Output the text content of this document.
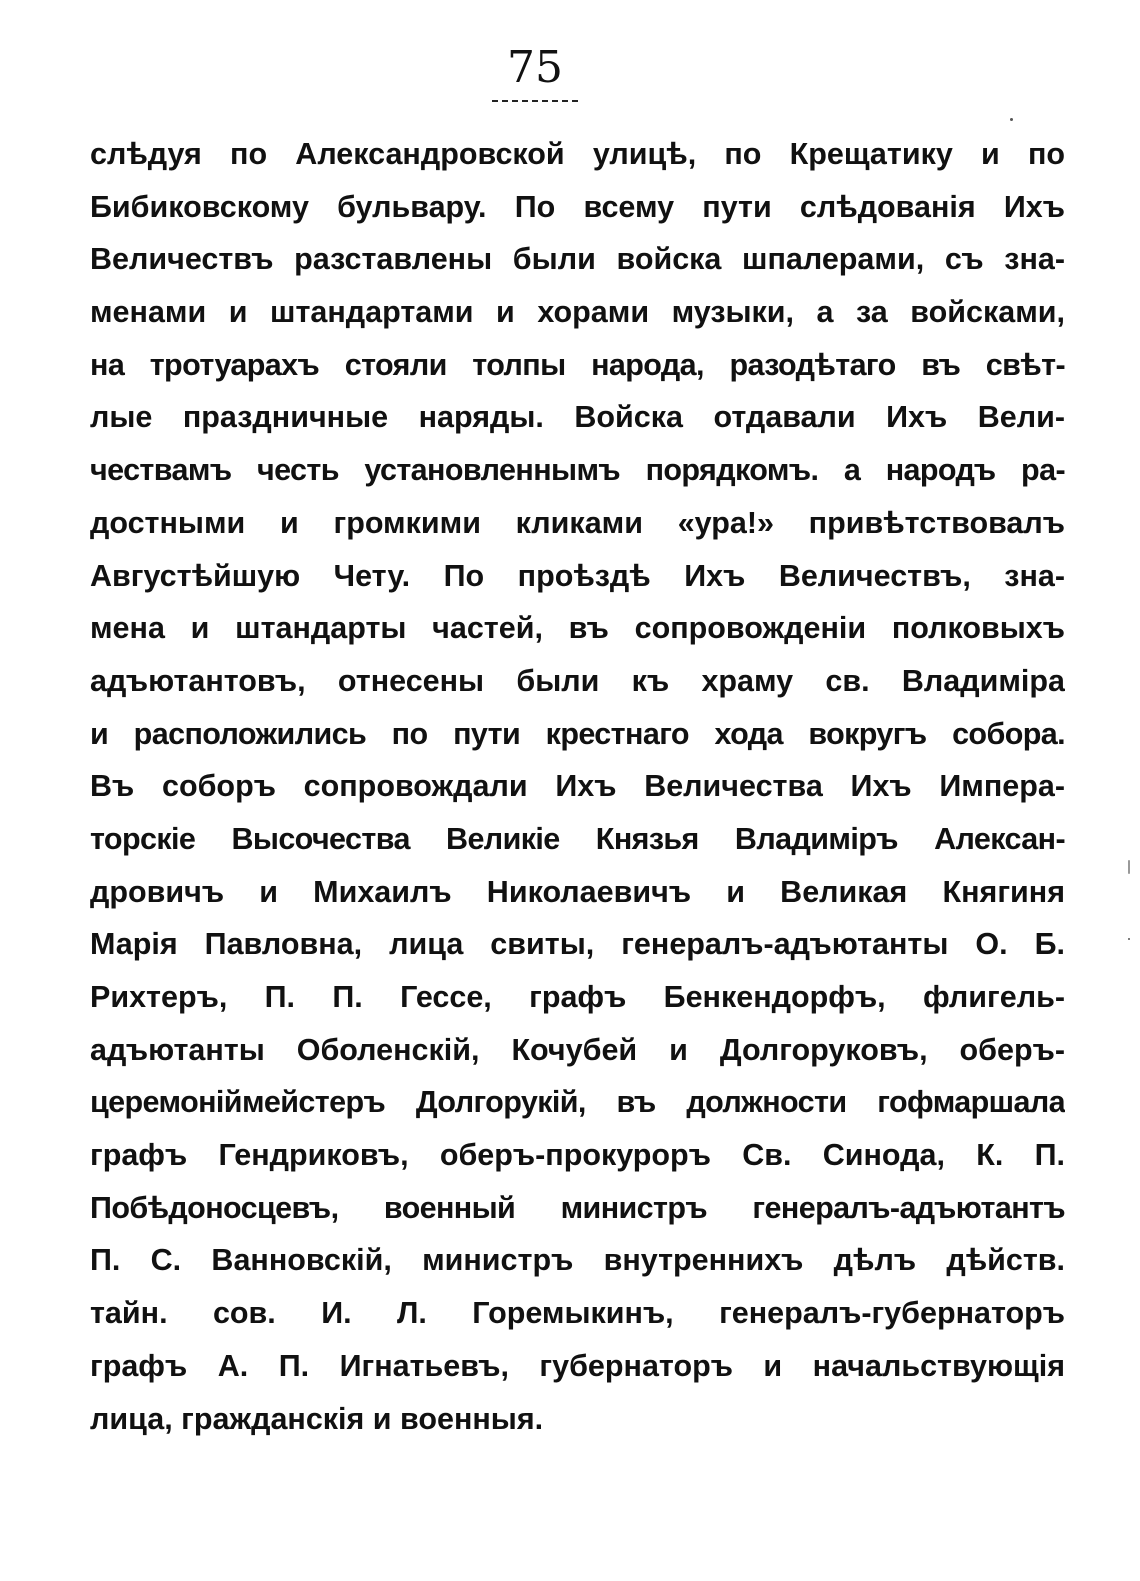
75
слѣдуя по Александровской улицѣ, по Крещатику и по
Бибиковскому бульвару. По всему пути слѣдованія Ихъ
Величествъ разставлены были войска шпалерами, съ зна-
менами и штандартами и хорами музыки, а за войсками,
на тротуарахъ стояли толпы народа, разодѣтаго въ свѣт-
лые праздничные наряды. Войска отдавали Ихъ Вели-
чествамъ честь установленнымъ порядкомъ. а народъ ра-
достными и громкими кликами «ура!» привѣтствовалъ
Августѣйшую Чету. По проѣздѣ Ихъ Величествъ, зна-
мена и штандарты частей, въ сопровожденіи полковыхъ
адъютантовъ, отнесены были къ храму св. Владиміра
и расположились по пути крестнаго хода вокругъ собора.
Въ соборъ сопровождали Ихъ Величества Ихъ Импера-
торскіе Высочества Великіе Князья Владиміръ Алексан-
дровичъ и Михаилъ Николаевичъ и Великая Княгиня
Марія Павловна, лица свиты, генералъ-адъютанты О. Б.
Рихтеръ, П. П. Гессе, графъ Бенкендорфъ, флигель-
адъютанты Оболенскій, Кочубей и Долгоруковъ, оберъ-
церемоніймейстеръ Долгорукій, въ должности гофмаршала
графъ Гендриковъ, оберъ-прокуроръ Св. Синода, К. П.
Побѣдоносцевъ, военный министръ генералъ-адъютантъ
П. С. Ванновскій, министръ внутреннихъ дѣлъ дѣйств.
тайн. сов. И. Л. Горемыкинъ, генералъ-губернаторъ
графъ А. П. Игнатьевъ, губернаторъ и начальствующія
лица, гражданскія и военныя.
